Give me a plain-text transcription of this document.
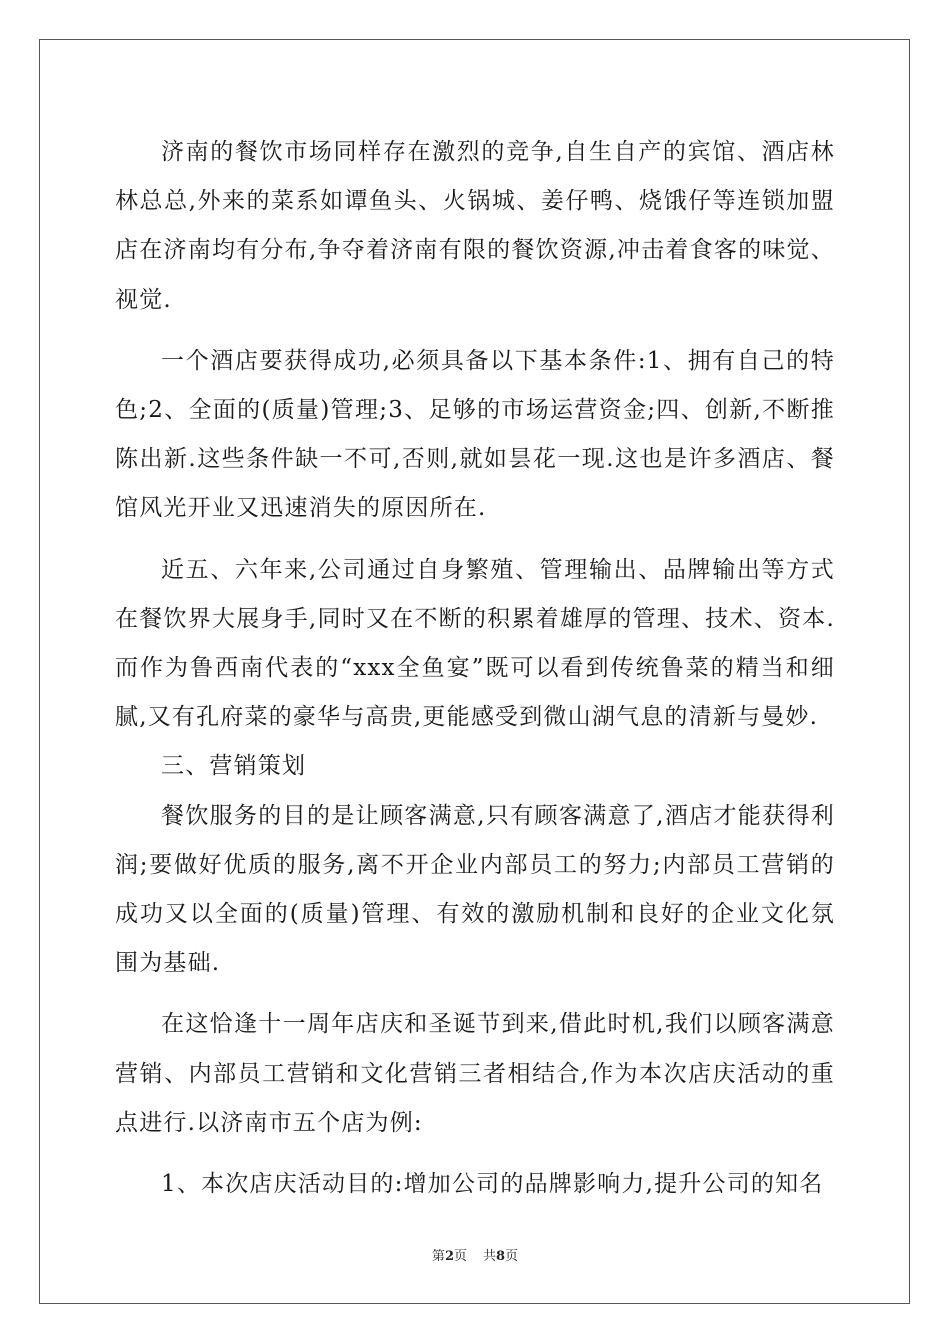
济南的餐饮市场同样存在激烈的竞争,自生自产的宾馆、酒店林林总总,外来的菜系如谭鱼头、火锅城、姜仔鸭、烧饿仔等连锁加盟店在济南均有分布,争夺着济南有限的餐饮资源,冲击着食客的味觉、视觉.

一个酒店要获得成功,必须具备以下基本条件:1、拥有自己的特色;2、全面的(质量)管理;3、足够的市场运营资金;四、创新,不断推陈出新.这些条件缺一不可,否则,就如昙花一现.这也是许多酒店、餐馆风光开业又迅速消失的原因所在.

近五、六年来,公司通过自身繁殖、管理输出、品牌输出等方式在餐饮界大展身手,同时又在不断的积累着雄厚的管理、技术、资本.而作为鲁西南代表的“xxx全鱼宴”既可以看到传统鲁菜的精当和细腻,又有孔府菜的豪华与高贵,更能感受到微山湖气息的清新与曼妙.

三、营销策划

餐饮服务的目的是让顾客满意,只有顾客满意了,酒店才能获得利润;要做好优质的服务,离不开企业内部员工的努力;内部员工营销的成功又以全面的(质量)管理、有效的激励机制和良好的企业文化氛围为基础.

在这恰逢十一周年店庆和圣诞节到来,借此时机,我们以顾客满意营销、内部员工营销和文化营销三者相结合,作为本次店庆活动的重点进行.以济南市五个店为例:

1、本次店庆活动目的:增加公司的品牌影响力,提升公司的知名

第2页 共8页
